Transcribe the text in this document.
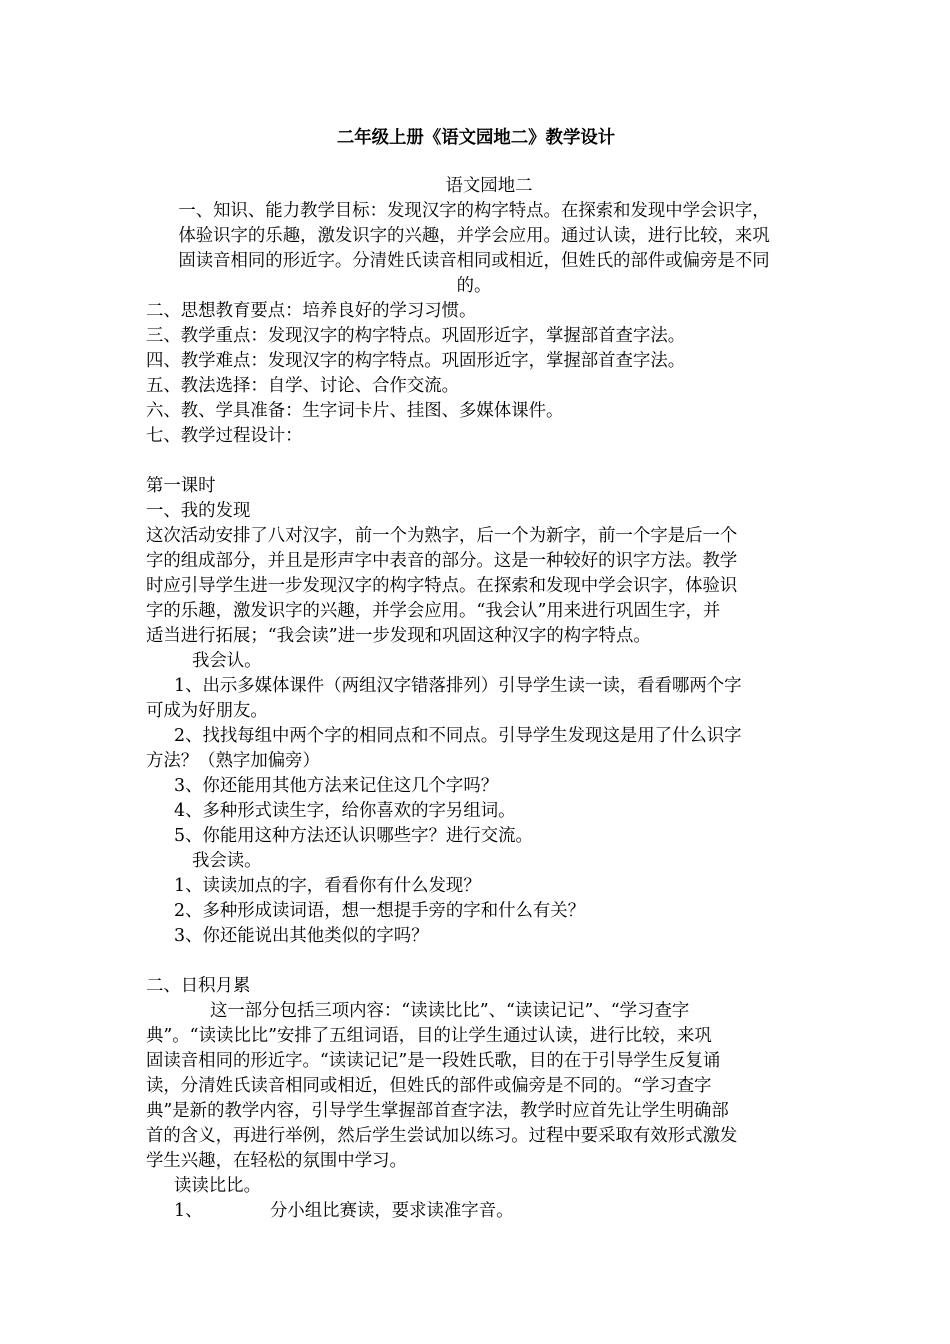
二年级上册《语文园地二》教学设计

语文园地二

一、知识、能力教学目标：发现汉字的构字特点。在探索和发现中学会识字，

体验识字的乐趣，激发识字的兴趣，并学会应用。通过认读，进行比较，来巩

固读音相同的形近字。分清姓氏读音相同或相近，但姓氏的部件或偏旁是不同

的。

二、思想教育要点：培养良好的学习习惯。

三、教学重点：发现汉字的构字特点。巩固形近字，掌握部首查字法。

四、教学难点：发现汉字的构字特点。巩固形近字，掌握部首查字法。

五、教法选择：自学、讨论、合作交流。

六、教、学具准备：生字词卡片、挂图、多媒体课件。

七、教学过程设计：

第一课时

一、我的发现

这次活动安排了八对汉字，前一个为熟字，后一个为新字，前一个字是后一个

字的组成部分，并且是形声字中表音的部分。这是一种较好的识字方法。教学

时应引导学生进一步发现汉字的构字特点。在探索和发现中学会识字，体验识

字的乐趣，激发识字的兴趣，并学会应用。“我会认”用来进行巩固生字，并

适当进行拓展；“我会读”进一步发现和巩固这种汉字的构字特点。

我会认。

1、出示多媒体课件（两组汉字错落排列）引导学生读一读，看看哪两个字

可成为好朋友。

2、找找每组中两个字的相同点和不同点。引导学生发现这是用了什么识字

方法？（熟字加偏旁）

3、你还能用其他方法来记住这几个字吗？

4、多种形式读生字，给你喜欢的字另组词。

5、你能用这种方法还认识哪些字？进行交流。

我会读。

1、读读加点的字，看看你有什么发现？

2、多种形成读词语，想一想提手旁的字和什么有关？

3、你还能说出其他类似的字吗？

二、日积月累

这一部分包括三项内容：“读读比比”、“读读记记”、“学习查字

典”。“读读比比”安排了五组词语，目的让学生通过认读，进行比较，来巩

固读音相同的形近字。“读读记记”是一段姓氏歌，目的在于引导学生反复诵

读，分清姓氏读音相同或相近，但姓氏的部件或偏旁是不同的。“学习查字

典”是新的教学内容，引导学生掌握部首查字法，教学时应首先让学生明确部

首的含义，再进行举例，然后学生尝试加以练习。过程中要采取有效形式激发

学生兴趣，在轻松的氛围中学习。

读读比比。

1、	分小组比赛读，要求读准字音。
